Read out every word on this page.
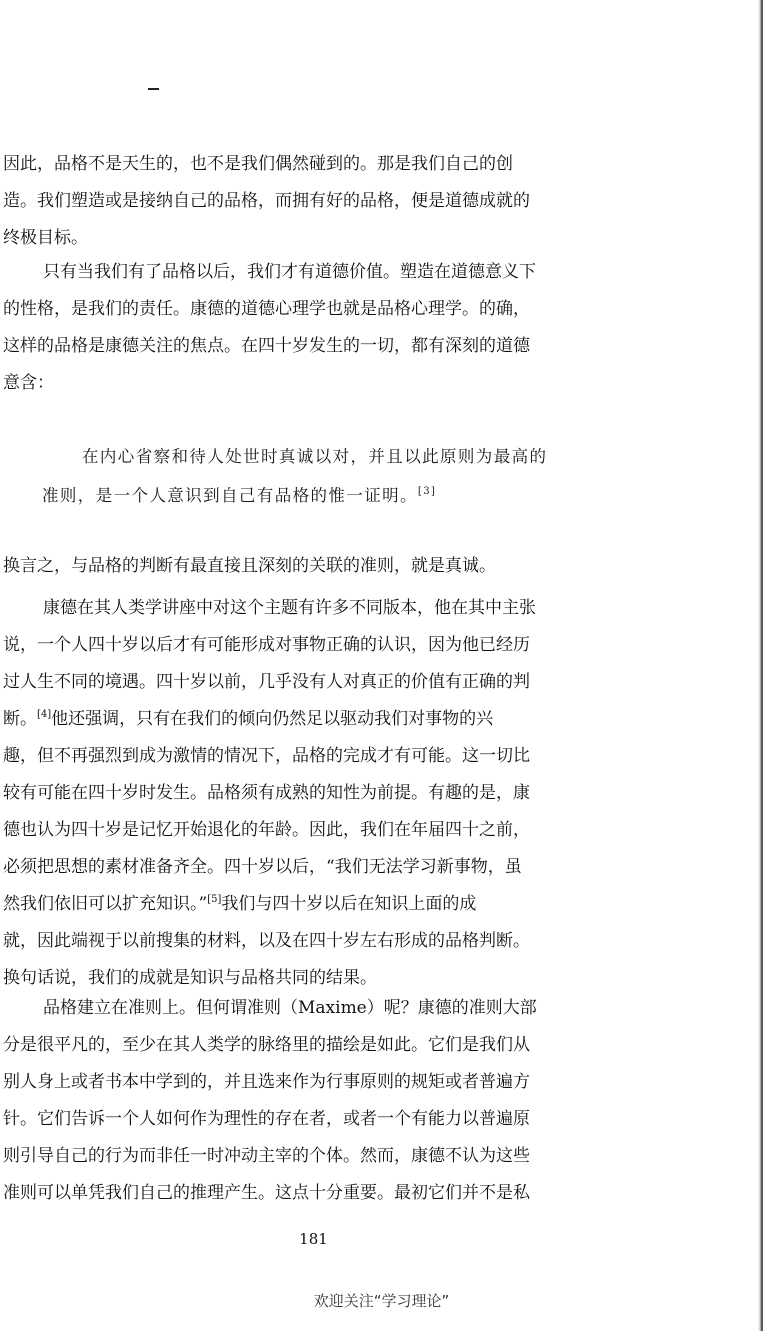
因此，品格不是天生的，也不是我们偶然碰到的。那是我们自己的创
造。我们塑造或是接纳自己的品格，而拥有好的品格，便是道德成就的
终极目标。
只有当我们有了品格以后，我们才有道德价值。塑造在道德意义下
的性格，是我们的责任。康德的道德心理学也就是品格心理学。的确，
这样的品格是康德关注的焦点。在四十岁发生的一切，都有深刻的道德
意含：
在内心省察和待人处世时真诚以对，并且以此原则为最高的
准则，是一个人意识到自己有品格的惟一证明。[3]
换言之，与品格的判断有最直接且深刻的关联的准则，就是真诚。
康德在其人类学讲座中对这个主题有许多不同版本，他在其中主张
说，一个人四十岁以后才有可能形成对事物正确的认识，因为他已经历
过人生不同的境遇。四十岁以前，几乎没有人对真正的价值有正确的判
断。[4]他还强调，只有在我们的倾向仍然足以驱动我们对事物的兴
趣，但不再强烈到成为激情的情况下，品格的完成才有可能。这一切比
较有可能在四十岁时发生。品格须有成熟的知性为前提。有趣的是，康
德也认为四十岁是记忆开始退化的年龄。因此，我们在年届四十之前，
必须把思想的素材准备齐全。四十岁以后，“我们无法学习新事物，虽
然我们依旧可以扩充知识。”[5]我们与四十岁以后在知识上面的成
就，因此端视于以前搜集的材料，以及在四十岁左右形成的品格判断。
换句话说，我们的成就是知识与品格共同的结果。
品格建立在准则上。但何谓准则（Maxime）呢？康德的准则大部
分是很平凡的，至少在其人类学的脉络里的描绘是如此。它们是我们从
别人身上或者书本中学到的，并且选来作为行事原则的规矩或者普遍方
针。它们告诉一个人如何作为理性的存在者，或者一个有能力以普遍原
则引导自己的行为而非任一时冲动主宰的个体。然而，康德不认为这些
准则可以单凭我们自己的推理产生。这点十分重要。最初它们并不是私
181
欢迎关注“学习理论”
